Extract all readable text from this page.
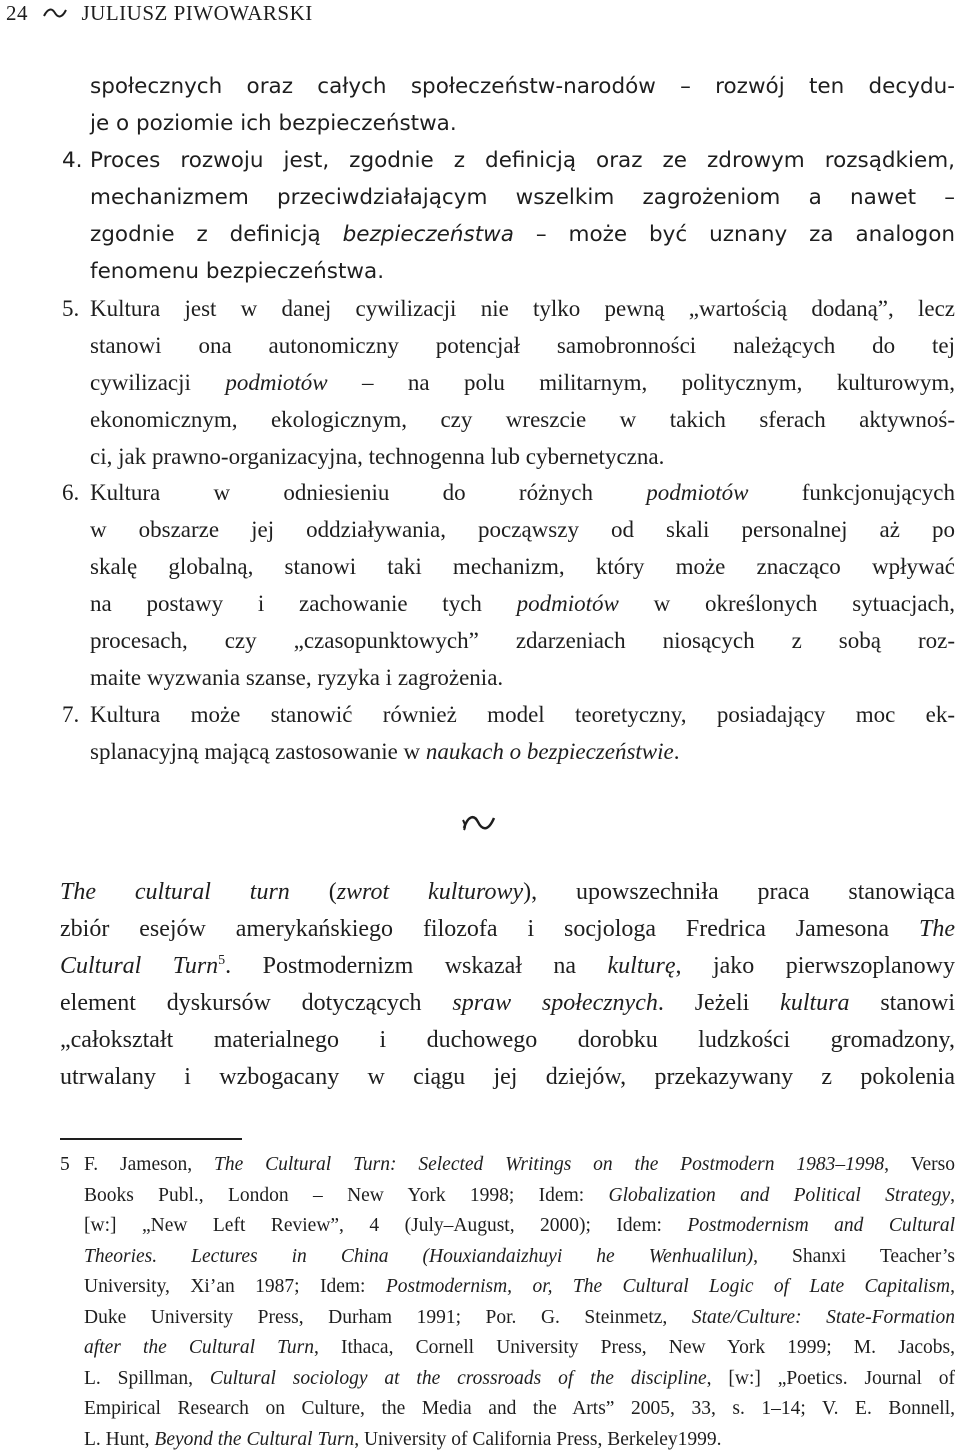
24	JULIUSZ PIWOWARSKI
społecznych oraz całych społeczeństw-narodów – rozwój ten decydu-
je o poziomie ich bezpieczeństwa.
4. Proces rozwoju jest, zgodnie z definicją oraz ze zdrowym rozsądkiem,
mechanizmem przeciwdziałającym wszelkim zagrożeniom a nawet –
zgodnie z definicją bezpieczeństwa – może być uznany za analogon
fenomenu bezpieczeństwa.
5. Kultura jest w danej cywilizacji nie tylko pewną „wartością dodaną”, lecz
stanowi ona autonomiczny potencjał samobronności należących do tej
cywilizacji podmiotów – na polu militarnym, politycznym, kulturowym,
ekonomicznym, ekologicznym, czy wreszcie w takich sferach aktywnoś-
ci, jak prawno-organizacyjna, technogenna lub cybernetyczna.
6. Kultura w odniesieniu do różnych podmiotów funkcjonujących
w obszarze jej oddziaływania, począwszy od skali personalnej aż po
skalę globalną, stanowi taki mechanizm, który może znacząco wpływać
na postawy i zachowanie tych podmiotów w określonych sytuacjach,
procesach, czy „czasopunktowych” zdarzeniach niosących z sobą roz-
maite wyzwania szanse, ryzyka i zagrożenia.
7. Kultura może stanowić również model teoretyczny, posiadający moc ek-
splanacyjną mającą zastosowanie w naukach o bezpieczeństwie.
The cultural turn (zwrot kulturowy), upowszechniła praca stanowiąca
zbiór esejów amerykańskiego filozofa i socjologa Fredrica Jamesona The
Cultural Turn$^5$. Postmodernizm wskazał na kulturę, jako pierwszoplanowy
element dyskursów dotyczących spraw społecznych. Jeżeli kultura stanowi
„całokształt materialnego i duchowego dorobku ludzkości gromadzony,
utrwalany i wzbogacany w ciągu jej dziejów, przekazywany z pokolenia
5 F. Jameson, The Cultural Turn: Selected Writings on the Postmodern 1983–1998, Verso
Books Publ., London – New York 1998; Idem: Globalization and Political Strategy,
[w:] „New Left Review”, 4 (July–August, 2000); Idem: Postmodernism and Cultural
Theories. Lectures in China (Houxiandaizhuyi he Wenhualilun), Shanxi Teacher’s
University, Xi’an 1987; Idem: Postmodernism, or, The Cultural Logic of Late Capitalism,
Duke University Press, Durham 1991; Por. G. Steinmetz, State/Culture: State-Formation
after the Cultural Turn, Ithaca, Cornell University Press, New York 1999; M. Jacobs,
L. Spillman, Cultural sociology at the crossroads of the discipline, [w:] „Poetics. Journal of
Empirical Research on Culture, the Media and the Arts” 2005, 33, s. 1–14; V. E. Bonnell,
L. Hunt, Beyond the Cultural Turn, University of California Press, Berkeley1999.
